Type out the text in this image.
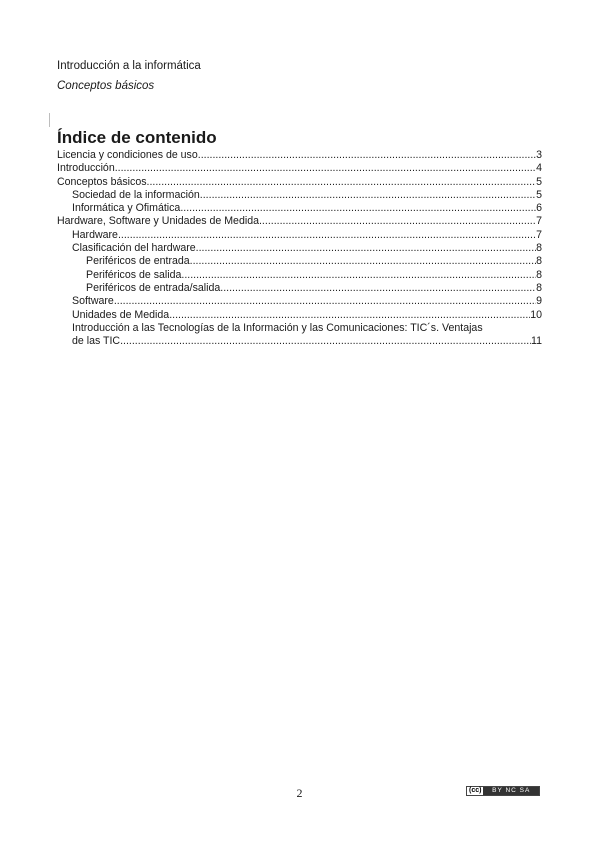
Introducción a la informática
Conceptos básicos
Índice de contenido
Licencia y condiciones de uso .....	3
Introducción .....	4
Conceptos básicos .....	5
Sociedad de la información .....	5
Informática y Ofimática .....	6
Hardware, Software y Unidades de Medida .....	7
Hardware .....	7
Clasificación del hardware .....	8
Periféricos de entrada .....	8
Periféricos de salida .....	8
Periféricos de entrada/salida .....	8
Software .....	9
Unidades de Medida .....	10
Introducción a las Tecnologías de la Información y las Comunicaciones: TIC´s. Ventajas
de las TIC .....	11
2	(cc)	BY NC SA
